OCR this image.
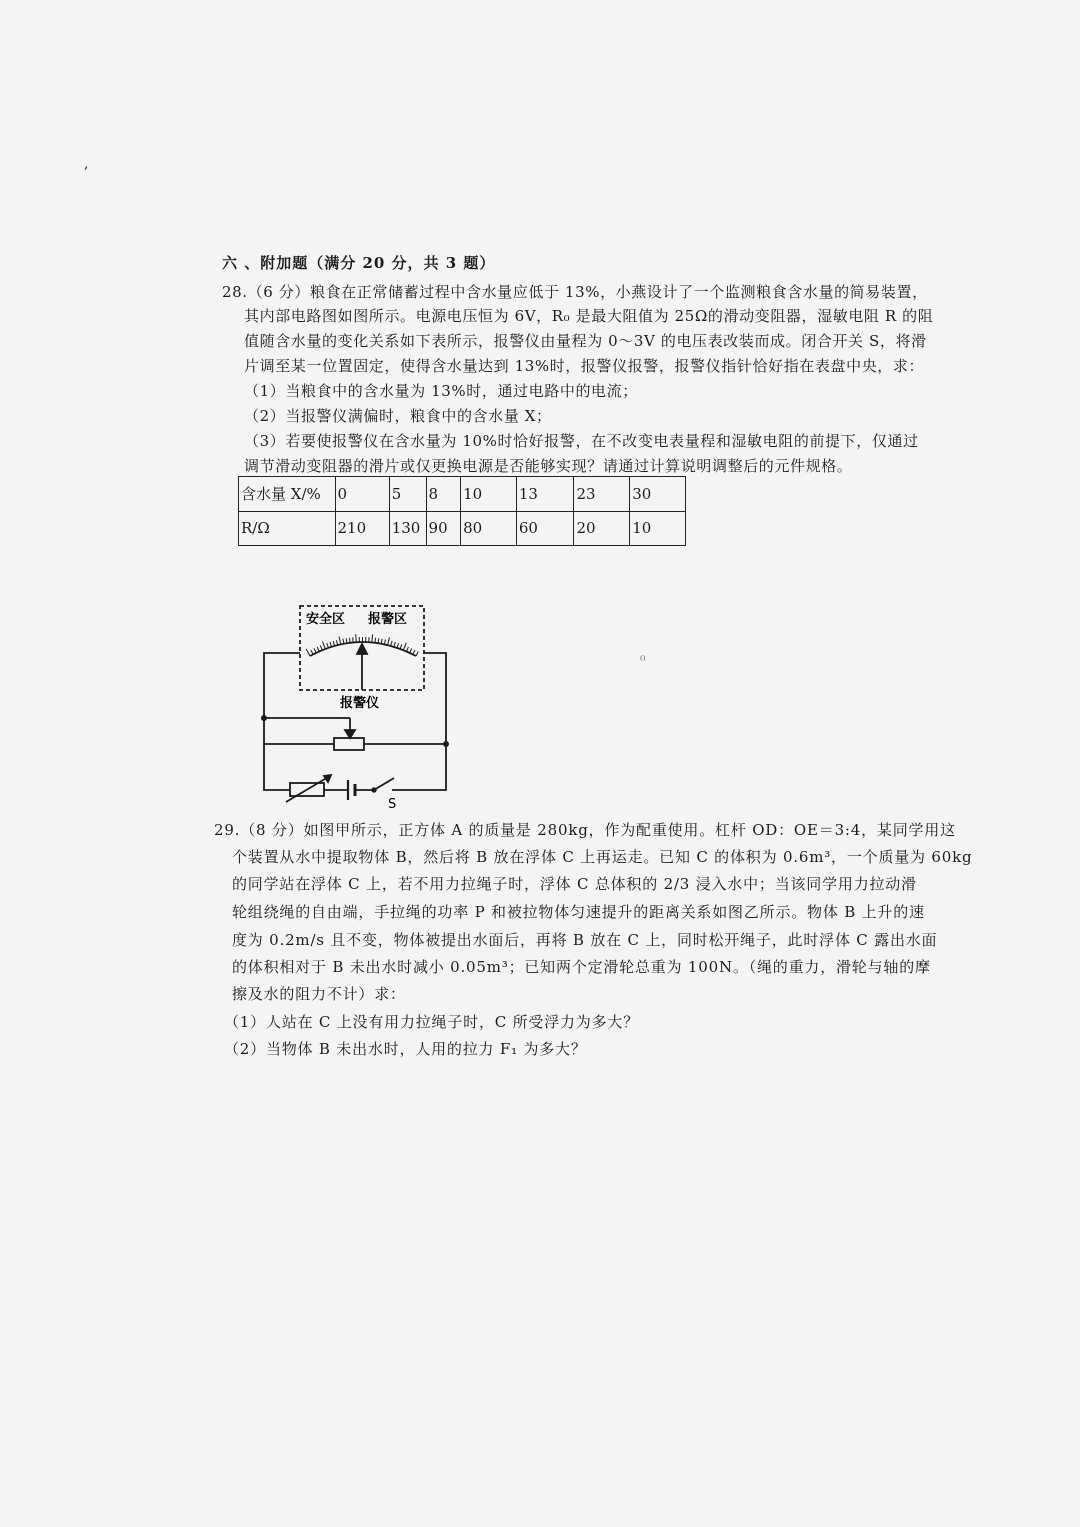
,
六 、附加题（满分 20 分，共 3 题）
28.（6 分）粮食在正常储蓄过程中含水量应低于 13%，小燕设计了一个监测粮食含水量的简易装置，
其内部电路图如图所示。电源电压恒为 6V，R₀ 是最大阻值为 25Ω的滑动变阻器，湿敏电阻 R 的阻
值随含水量的变化关系如下表所示，报警仪由量程为 0～3V 的电压表改装而成。闭合开关 S，将滑
片调至某一位置固定，使得含水量达到 13%时，报警仪报警，报警仪指针恰好指在表盘中央，求：
（1）当粮食中的含水量为 13%时，通过电路中的电流；
（2）当报警仪满偏时，粮食中的含水量 X；
（3）若要使报警仪在含水量为 10%时恰好报警，在不改变电表量程和湿敏电阻的前提下，仅通过
调节滑动变阻器的滑片或仅更换电源是否能够实现？请通过计算说明调整后的元件规格。
含水量 X/%	0	5	8	10	13	23	30
R/Ω	210	130	90	80	60	20	10
安全区 报警区
报警仪
S
₍₎
29.（8 分）如图甲所示，正方体 A 的质量是 280kg，作为配重使用。杠杆 OD：OE＝3:4，某同学用这
个装置从水中提取物体 B，然后将 B 放在浮体 C 上再运走。已知 C 的体积为 0.6m³，一个质量为 60kg
的同学站在浮体 C 上，若不用力拉绳子时，浮体 C 总体积的 2/3 浸入水中；当该同学用力拉动滑
轮组绕绳的自由端，手拉绳的功率 P 和被拉物体匀速提升的距离关系如图乙所示。物体 B 上升的速
度为 0.2m/s 且不变，物体被提出水面后，再将 B 放在 C 上，同时松开绳子，此时浮体 C 露出水面
的体积相对于 B 未出水时减小 0.05m³；已知两个定滑轮总重为 100N。（绳的重力，滑轮与轴的摩
擦及水的阻力不计）求：
（1）人站在 C 上没有用力拉绳子时，C 所受浮力为多大？
（2）当物体 B 未出水时，人用的拉力 F₁ 为多大？
